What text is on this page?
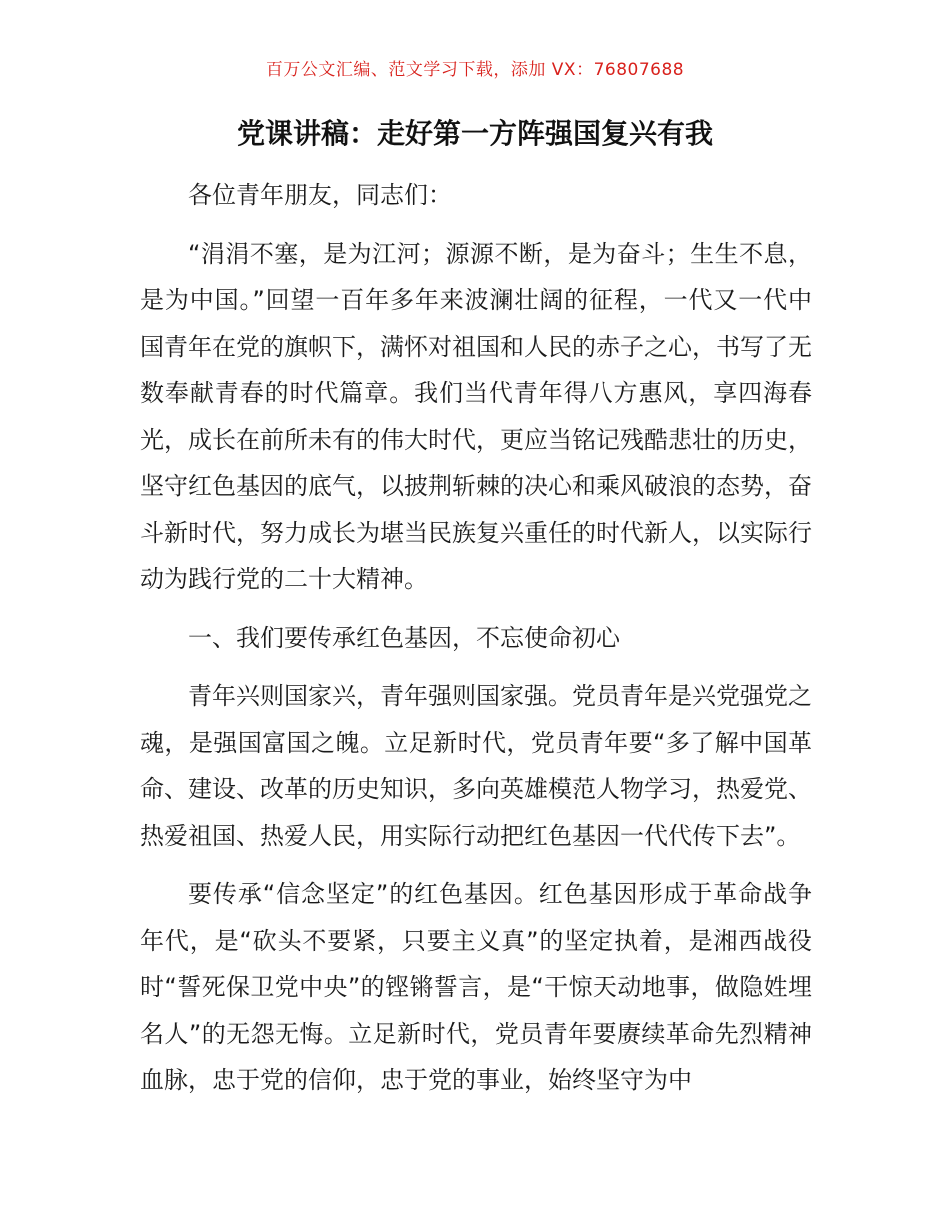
百万公文汇编、范文学习下载，添加 VX：76807688
党课讲稿：走好第一方阵强国复兴有我

各位青年朋友，同志们：

“涓涓不塞，是为江河；源源不断，是为奋斗；生生不息，是为中国。”回望一百年多年来波澜壮阔的征程，一代又一代中国青年在党的旗帜下，满怀对祖国和人民的赤子之心，书写了无数奉献青春的时代篇章。我们当代青年得八方惠风，享四海春光，成长在前所未有的伟大时代，更应当铭记残酷悲壮的历史，坚守红色基因的底气，以披荆斩棘的决心和乘风破浪的态势，奋斗新时代，努力成长为堪当民族复兴重任的时代新人，以实际行动为践行党的二十大精神。

一、我们要传承红色基因，不忘使命初心

青年兴则国家兴，青年强则国家强。党员青年是兴党强党之魂，是强国富国之魄。立足新时代，党员青年要“多了解中国革命、建设、改革的历史知识，多向英雄模范人物学习，热爱党、热爱祖国、热爱人民，用实际行动把红色基因一代代传下去”。

要传承“信念坚定”的红色基因。红色基因形成于革命战争年代，是“砍头不要紧，只要主义真”的坚定执着，是湘西战役时“誓死保卫党中央”的铿锵誓言，是“干惊天动地事，做隐姓埋名人”的无怨无悔。立足新时代，党员青年要赓续革命先烈精神血脉，忠于党的信仰，忠于党的事业，始终坚守为中
